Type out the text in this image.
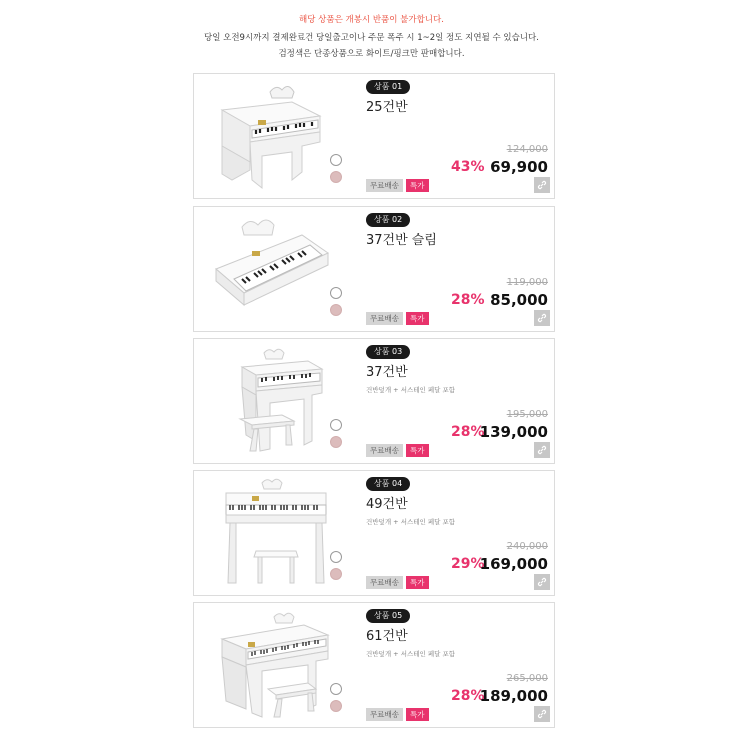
해당 상품은 개봉시 반품이 불가합니다.
당일 오전9시까지 결제완료건 당일출고이나 주문 폭주 시 1~2일 정도 지연될 수 있습니다.
검정색은 단종상품으로 화이트/핑크만 판매합니다.
상품 01
25건반
43%
124,000
69,900
무료배송	특가
상품 02
37건반 슬림
28%
119,000
85,000
무료배송	특가
상품 03
37건반
건반덮개 + 서스테인 페달 포함
28%
195,000
139,000
무료배송	특가
상품 04
49건반
건반덮개 + 서스테인 페달 포함
29%
240,000
169,000
무료배송	특가
상품 05
61건반
건반덮개 + 서스테인 페달 포함
28%
265,000
189,000
무료배송	특가
